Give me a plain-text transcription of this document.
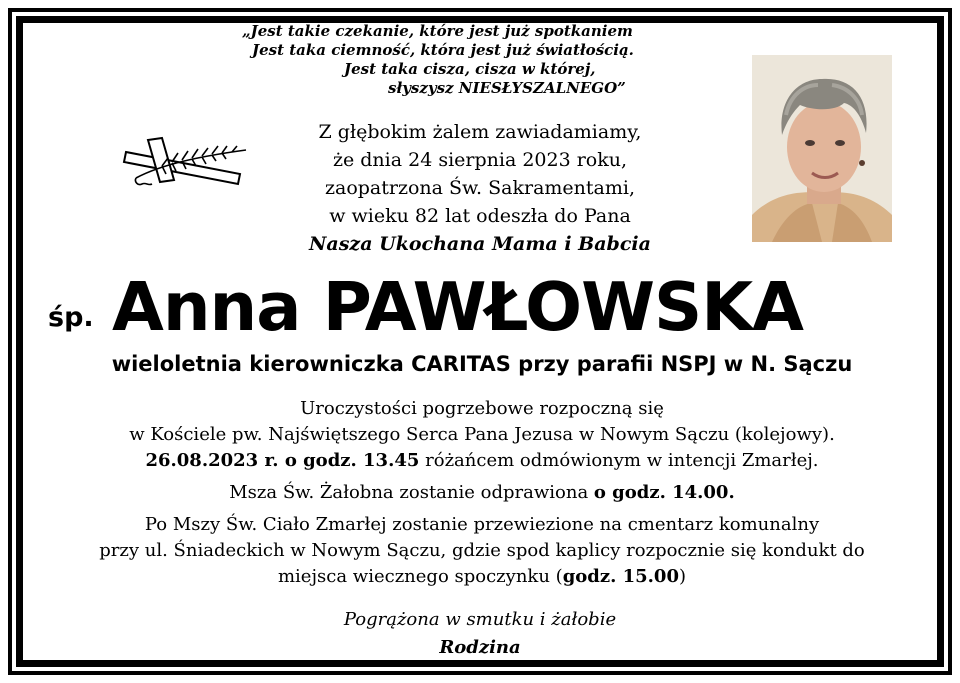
„Jest takie czekanie, które jest już spotkaniem
Jest taka ciemność, która jest już światłością.
Jest taka cisza, cisza w której,
słyszysz NIESŁYSZALNEGO”
Z głębokim żalem zawiadamiamy,
że dnia 24 sierpnia 2023 roku,
zaopatrzona Św. Sakramentami,
w wieku 82 lat odeszła do Pana
Nasza Ukochana Mama i Babcia
śp. Anna PAWŁOWSKA
wieloletnia kierowniczka CARITAS przy parafii NSPJ w N. Sączu
Uroczystości pogrzebowe rozpoczną się
w Kościele pw. Najświętszego Serca Pana Jezusa w Nowym Sączu (kolejowy).
26.08.2023 r. o godz. 13.45 różańcem odmówionym w intencji Zmarłej.
Msza Św. Żałobna zostanie odprawiona o godz. 14.00.
Po Mszy Św. Ciało Zmarłej zostanie przewiezione na cmentarz komunalny
przy ul. Śniadeckich w Nowym Sączu, gdzie spod kaplicy rozpocznie się kondukt do
miejsca wiecznego spoczynku (godz. 15.00)
Pogrążona w smutku i żałobie
Rodzina
